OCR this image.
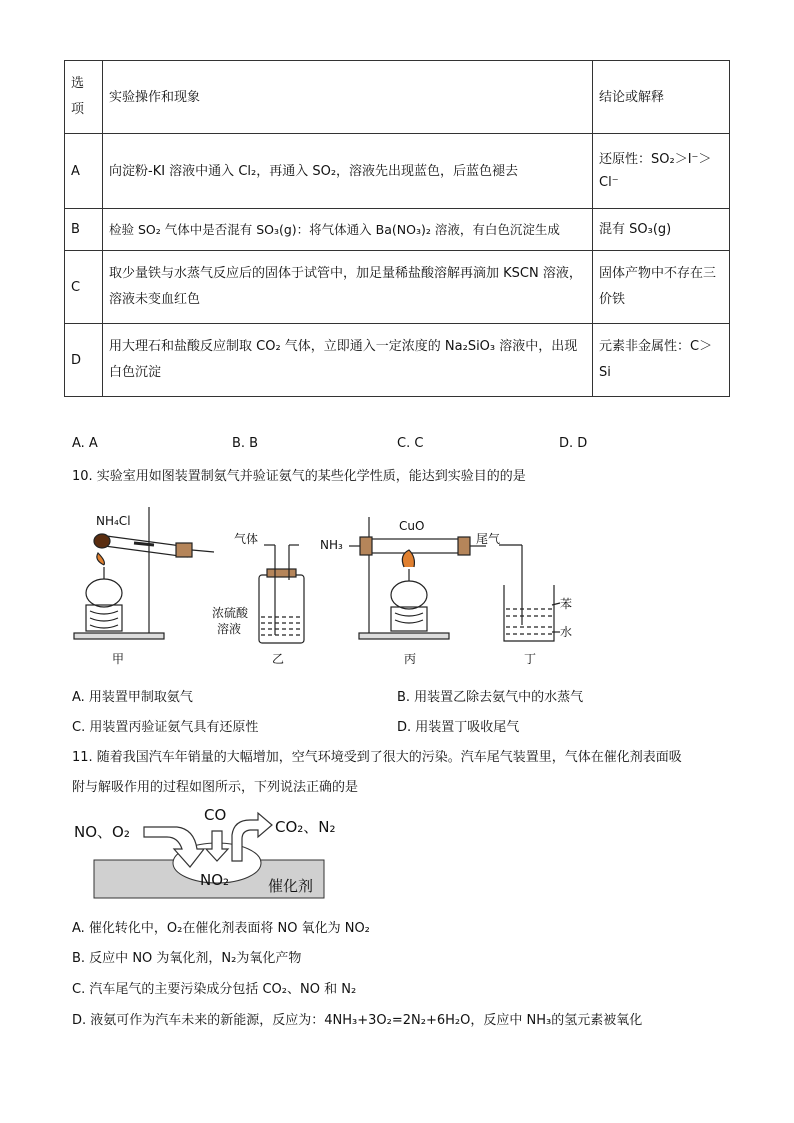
选
项	实验操作和现象	结论或解释
A	向淀粉-KI 溶液中通入 Cl₂，再通入 SO₂，溶液先出现蓝色，后蓝色褪去	还原性：SO₂＞I⁻＞Cl⁻
B	检验 SO₂ 气体中是否混有 SO₃(g)：将气体通入 Ba(NO₃)₂ 溶液，有白色沉淀生成	混有 SO₃(g)
C	取少量铁与水蒸气反应后的固体于试管中，加足量稀盐酸溶解再滴加 KSCN 溶液，溶液未变血红色	固体产物中不存在三价铁
D	用大理石和盐酸反应制取 CO₂ 气体，立即通入一定浓度的 Na₂SiO₃ 溶液中，出现白色沉淀	元素非金属性：C＞Si
A. A	B. B	C. C	D. D
10. 实验室用如图装置制氨气并验证氨气的某些化学性质，能达到实验目的的是
NH₄Cl
气体
浓硫酸
溶液
NH₃
CuO
尾气
苯
水
甲	乙	丙	丁
A. 用装置甲制取氨气	B. 用装置乙除去氨气中的水蒸气
C. 用装置丙验证氨气具有还原性	D. 用装置丁吸收尾气
11. 随着我国汽车年销量的大幅增加，空气环境受到了很大的污染。汽车尾气装置里，气体在催化剂表面吸
附与解吸作用的过程如图所示，下列说法正确的是
NO、O₂
CO
CO₂、N₂
NO₂	催化剂
A. 催化转化中，O₂在催化剂表面将 NO 氧化为 NO₂
B. 反应中 NO 为氧化剂，N₂为氧化产物
C. 汽车尾气的主要污染成分包括 CO₂、NO 和 N₂
D. 液氨可作为汽车未来的新能源，反应为：4NH₃+3O₂=2N₂+6H₂O，反应中 NH₃的氢元素被氧化
